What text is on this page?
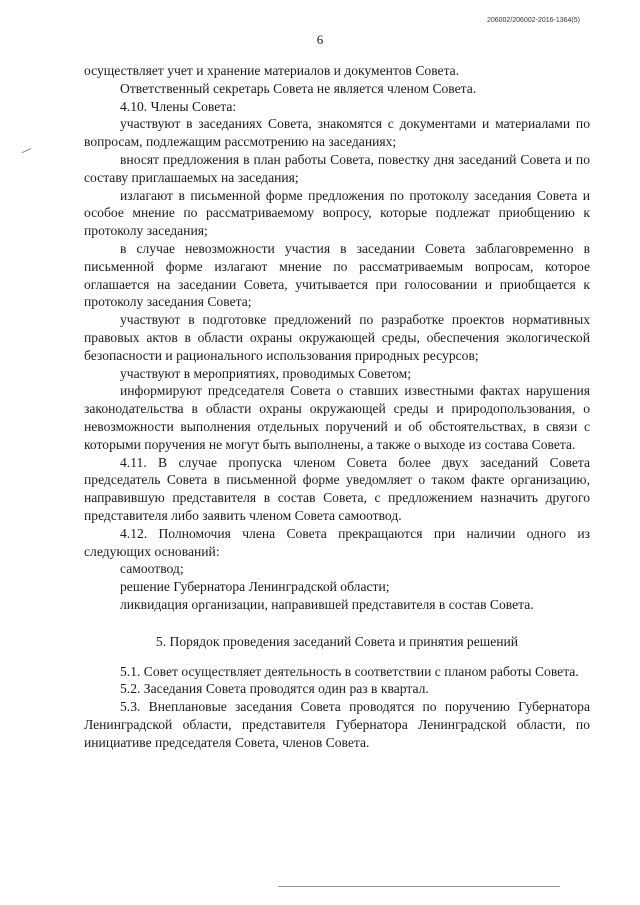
206002/206002-2016-1364(5)
6

осуществляет учет и хранение материалов и документов Совета.

Ответственный секретарь Совета не является членом Совета.

4.10. Члены Совета:

участвуют в заседаниях Совета, знакомятся с документами и материалами по вопросам, подлежащим рассмотрению на заседаниях;

вносят предложения в план работы Совета, повестку дня заседаний Совета и по составу приглашаемых на заседания;

излагают в письменной форме предложения по протоколу заседания Совета и особое мнение по рассматриваемому вопросу, которые подлежат приобщению к протоколу заседания;

в случае невозможности участия в заседании Совета заблаговременно в письменной форме излагают мнение по рассматриваемым вопросам, которое оглашается на заседании Совета, учитывается при голосовании и приобщается к протоколу заседания Совета;

участвуют в подготовке предложений по разработке проектов нормативных правовых актов в области охраны окружающей среды, обеспечения экологической безопасности и рационального использования природных ресурсов;

участвуют в мероприятиях, проводимых Советом;

информируют председателя Совета о ставших известными фактах нарушения законодательства в области охраны окружающей среды и природопользования, о невозможности выполнения отдельных поручений и об обстоятельствах, в связи с которыми поручения не могут быть выполнены, а также о выходе из состава Совета.

4.11. В случае пропуска членом Совета более двух заседаний Совета председатель Совета в письменной форме уведомляет о таком факте организацию, направившую представителя в состав Совета, с предложением назначить другого представителя либо заявить членом Совета самоотвод.

4.12. Полномочия члена Совета прекращаются при наличии одного из следующих оснований:

самоотвод;

решение Губернатора Ленинградской области;

ликвидация организации, направившей представителя в состав Совета.

5. Порядок проведения заседаний Совета и принятия решений

5.1. Совет осуществляет деятельность в соответствии с планом работы Совета.

5.2. Заседания Совета проводятся один раз в квартал.

5.3. Внеплановые заседания Совета проводятся по поручению Губернатора Ленинградской области, представителя Губернатора Ленинградской области, по инициативе председателя Совета, членов Совета.
